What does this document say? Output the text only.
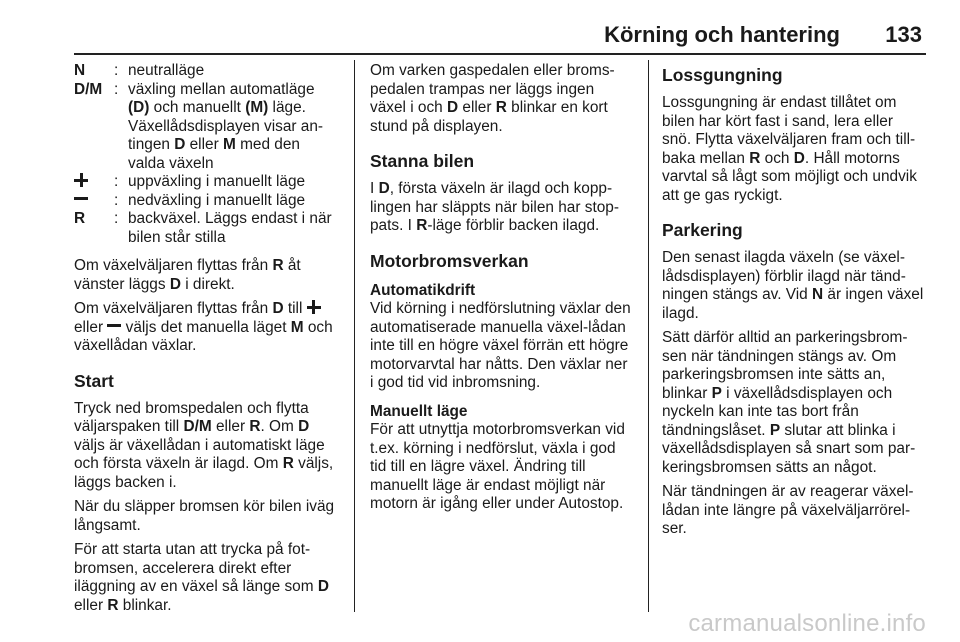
Körning och hantering 133
N	: neutralläge
D/M : växling mellan automatläge (D) och manuellt (M) läge. Växellådsdisplayen visar an-tingen D eller M med den valda växeln
: uppväxling i manuellt läge
: nedväxling i manuellt läge
R	: backväxel. Läggs endast i när bilen står stilla

Om växelväljaren flyttas från R åt vänster läggs D i direkt.

Om växelväljaren flyttas från D till  eller  väljs det manuella läget M och växellådan växlar.

Start

Tryck ned bromspedalen och flytta väljarspaken till D/M eller R. Om D väljs är växellådan i automatiskt läge och första växeln är ilagd. Om R väljs, läggs backen i.

När du släpper bromsen kör bilen iväg långsamt.

För att starta utan att trycka på fot-bromsen, accelerera direkt efter iläggning av en växel så länge som D eller R blinkar.

Om varken gaspedalen eller broms-pedalen trampas ner läggs ingen växel i och D eller R blinkar en kort stund på displayen.

Stanna bilen

I D, första växeln är ilagd och kopp-lingen har släppts när bilen har stop-pats. I R-läge förblir backen ilagd.

Motorbromsverkan
Automatikdrift

Vid körning i nedförslutning växlar den automatiserade manuella växel-lådan inte till en högre växel förrän ett högre motorvarvtal har nåtts. Den växlar ner i god tid vid inbromsning.

Manuellt läge

För att utnyttja motorbromsverkan vid t.ex. körning i nedförslut, växla i god tid till en lägre växel. Ändring till manuellt läge är endast möjligt när motorn är igång eller under Autostop.

Lossgungning

Lossgungning är endast tillåtet om bilen har kört fast i sand, lera eller snö. Flytta växelväljaren fram och till-baka mellan R och D. Håll motorns varvtal så lågt som möjligt och undvik att ge gas ryckigt.

Parkering

Den senast ilagda växeln (se växel-lådsdisplayen) förblir ilagd när tänd-ningen stängs av. Vid N är ingen växel ilagd.

Sätt därför alltid an parkeringsbrom-sen när tändningen stängs av. Om parkeringsbromsen inte sätts an, blinkar P i växellådsdisplayen och nyckeln kan inte tas bort från tändningslåset. P slutar att blinka i växellådsdisplayen så snart som par-keringsbromsen sätts an något.

När tändningen är av reagerar växel-lådan inte längre på växelväljarrörel-ser.

carmanualsonline.info
